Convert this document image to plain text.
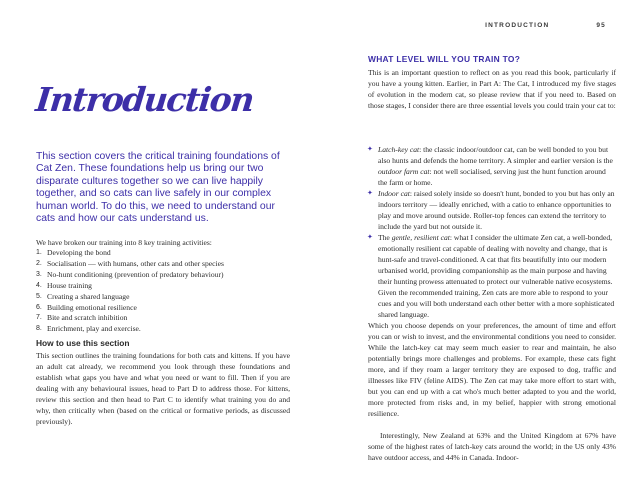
INTRODUCTION	95
Introduction
This section covers the critical training foundations of Cat Zen. These foundations help us bring our two disparate cultures together so we can live happily together, and so cats can live safely in our complex human world. To do this, we need to understand our cats and how our cats understand us.
We have broken our training into 8 key training activities:
1. Developing the bond
2. Socialisation — with humans, other cats and other species
3. No-hunt conditioning (prevention of predatory behaviour)
4. House training
5. Creating a shared language
6. Building emotional resilience
7. Bite and scratch inhibition
8. Enrichment, play and exercise.
How to use this section

This section outlines the training foundations for both cats and kittens. If you have an adult cat already, we recommend you look through these foundations and establish what gaps you have and what you need or want to fill. Then if you are dealing with any behavioural issues, head to Part D to address those. For kittens, review this section and then head to Part C to identify what training you do and why, then critically when (based on the critical or formative periods, as discussed previously).

WHAT LEVEL WILL YOU TRAIN TO?

This is an important question to reflect on as you read this book, particularly if you have a young kitten. Earlier, in Part A: The Cat, I introduced my five stages of evolution in the modern cat, so please review that if you need to. Based on those stages, I consider there are three essential levels you could train your cat to:

✦ Latch-key cat: the classic indoor/outdoor cat, can be well bonded to you but also hunts and defends the home territory. A simpler and earlier version is the outdoor farm cat: not well socialised, serving just the hunt function around the farm or home.
✦ Indoor cat: raised solely inside so doesn't hunt, bonded to you but has only an indoors territory — ideally enriched, with a catio to enhance opportunities to play and move around outside. Roller-top fences can extend the territory to include the yard but not outside it.
✦ The gentle, resilient cat: what I consider the ultimate Zen cat, a well-bonded, emotionally resilient cat capable of dealing with novelty and change, that is hunt-safe and travel-conditioned. A cat that fits beautifully into our modern urbanised world, providing companionship as the main purpose and having their hunting prowess attenuated to protect our vulnerable native ecosystems. Given the recommended training, Zen cats are more able to respond to your cues and you will both understand each other better with a more sophisticated shared language.

Which you choose depends on your preferences, the amount of time and effort you can or wish to invest, and the environmental conditions you need to consider. While the latch-key cat may seem much easier to rear and maintain, he also potentially brings more challenges and problems. For example, these cats fight more, and if they roam a larger territory they are exposed to dog, traffic and illnesses like FIV (feline AIDS). The Zen cat may take more effort to start with, but you can end up with a cat who's much better adapted to you and the world, more protected from risks and, in my belief, happier with strong emotional resilience.

Interestingly, New Zealand at 63% and the United Kingdom at 67% have some of the highest rates of latch-key cats around the world; in the US only 43% have outdoor access, and 44% in Canada. Indoor-
